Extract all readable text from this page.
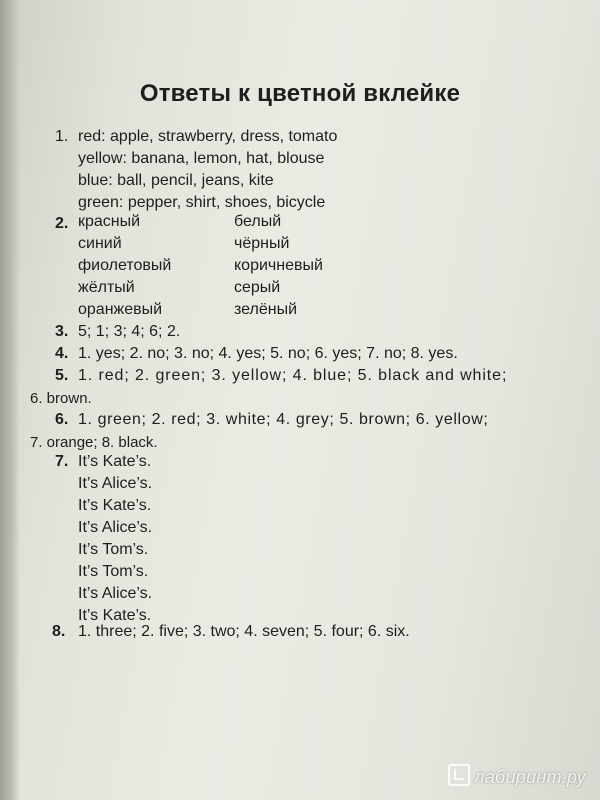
Ответы к цветной вклейке
1. red: apple, strawberry, dress, tomato
yellow: banana, lemon, hat, blouse
blue: ball, pencil, jeans, kite
green: pepper, shirt, shoes, bicycle
2. красный
синий
фиолетовый
жёлтый
оранжевый
белый
чёрный
коричневый
серый
зелёный
3. 5; 1; 3; 4; 6; 2.
4. 1. yes; 2. no; 3. no; 4. yes; 5. no; 6. yes; 7. no; 8. yes.
5. 1. red; 2. green; 3. yellow; 4. blue; 5. black and white;
6. brown.
6. 1. green; 2. red; 3. white; 4. grey; 5. brown; 6. yellow;
7. orange; 8. black.
7. It’s Kate’s.
It’s Alice’s.
It’s Kate’s.
It’s Alice’s.
It’s Tom’s.
It’s Tom’s.
It’s Alice’s.
It’s Kate’s.
8. 1. three; 2. five; 3. two; 4. seven; 5. four; 6. six.
лабиринт.ру
